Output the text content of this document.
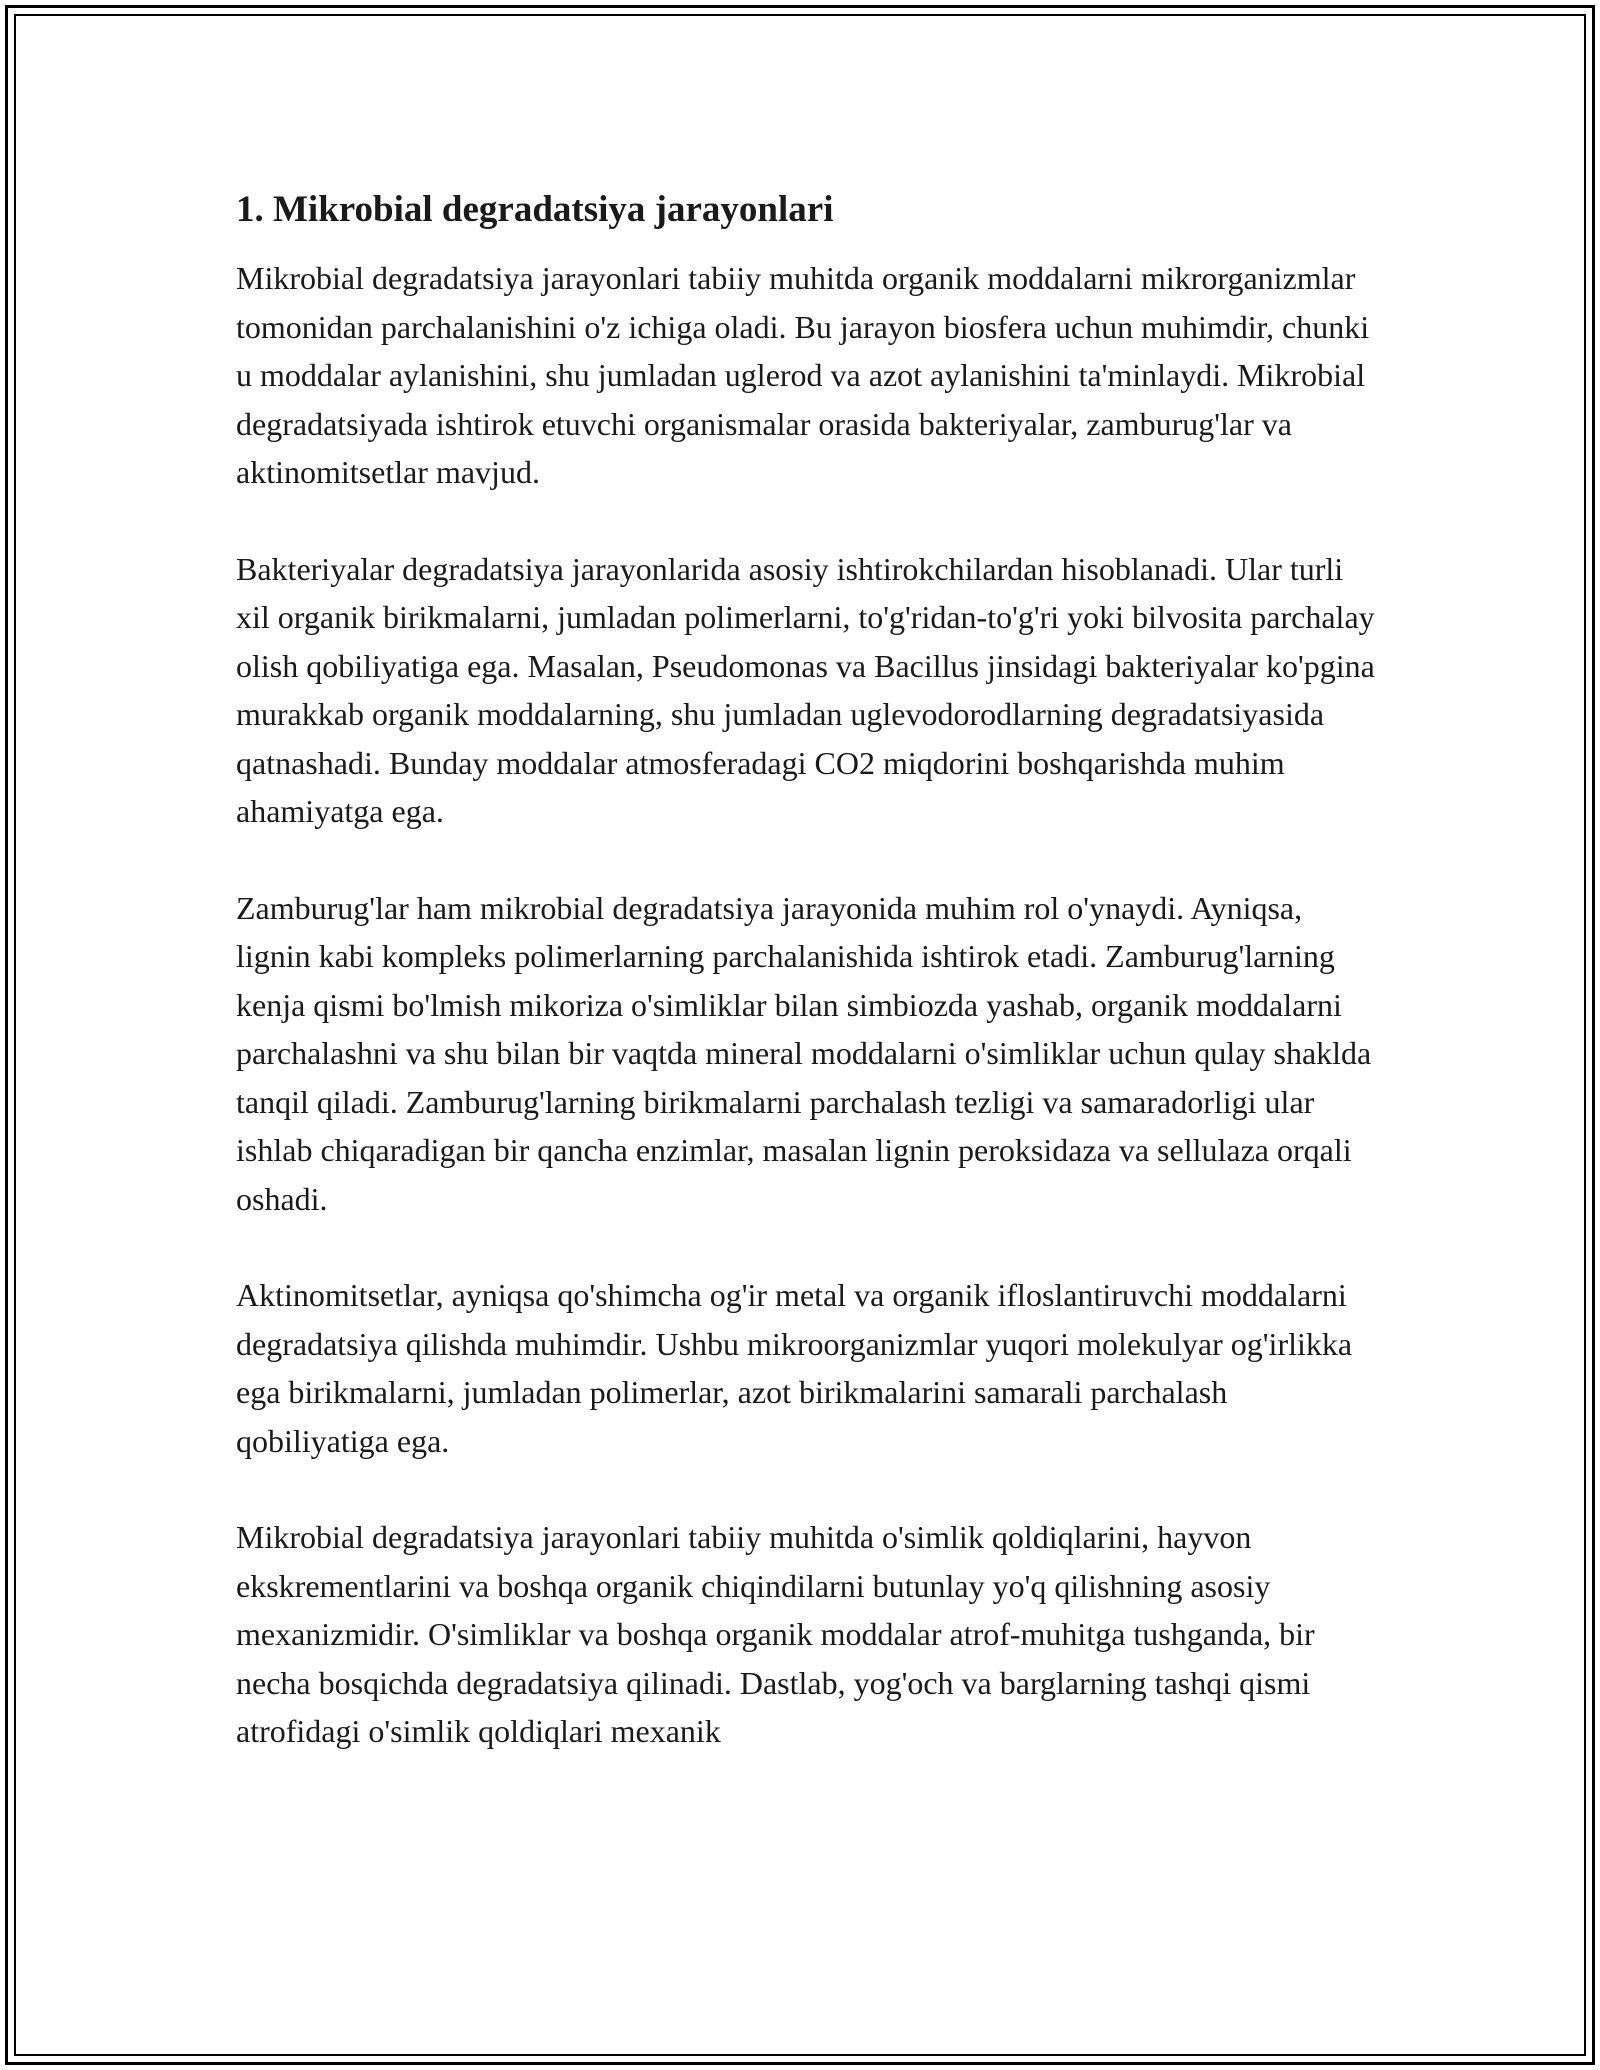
1. Mikrobial degradatsiya jarayonlari

Mikrobial degradatsiya jarayonlari tabiiy muhitda organik moddalarni mikrorganizmlar tomonidan parchalanishini o'z ichiga oladi. Bu jarayon biosfera uchun muhimdir, chunki u moddalar aylanishini, shu jumladan uglerod va azot aylanishini ta'minlaydi. Mikrobial degradatsiyada ishtirok etuvchi organismalar orasida bakteriyalar, zamburug'lar va aktinomitsetlar mavjud.

Bakteriyalar degradatsiya jarayonlarida asosiy ishtirokchilardan hisoblanadi. Ular turli xil organik birikmalarni, jumladan polimerlarni, to'g'ridan-to'g'ri yoki bilvosita parchalay olish qobiliyatiga ega. Masalan, Pseudomonas va Bacillus jinsidagi bakteriyalar ko'pgina murakkab organik moddalarning, shu jumladan uglevodorodlarning degradatsiyasida qatnashadi. Bunday moddalar atmosferadagi CO2 miqdorini boshqarishda muhim ahamiyatga ega.

Zamburug'lar ham mikrobial degradatsiya jarayonida muhim rol o'ynaydi. Ayniqsa, lignin kabi kompleks polimerlarning parchalanishida ishtirok etadi. Zamburug'larning kenja qismi bo'lmish mikoriza o'simliklar bilan simbiozda yashab, organik moddalarni parchalashni va shu bilan bir vaqtda mineral moddalarni o'simliklar uchun qulay shakldа tanqil qiladi. Zamburug'larning birikmalarni parchalash tezligi va samaradorligi ular ishlab chiqaradigan bir qancha enzimlar, masalan lignin peroksidaza va sellulaza orqali oshadi.

Aktinomitsetlar, ayniqsa qo'shimcha og'ir metal va organik ifloslantiruvchi moddalarni degradatsiya qilishda muhimdir. Ushbu mikroorganizmlar yuqori molekulyar og'irlikka ega birikmalarni, jumladan polimerlar, azot birikmalarini samarali parchalash qobiliyatiga ega.

Mikrobial degradatsiya jarayonlari tabiiy muhitda o'simlik qoldiqlarini, hayvon ekskrementlarini va boshqa organik chiqindilarni butunlay yo'q qilishning asosiy mexanizmidir. O'simliklar va boshqa organik moddalar atrof-muhitga tushganda, bir necha bosqichda degradatsiya qilinadi. Dastlab, yog'och va barglarning tashqi qismi atrofidagi o'simlik qoldiqlari mexanik
